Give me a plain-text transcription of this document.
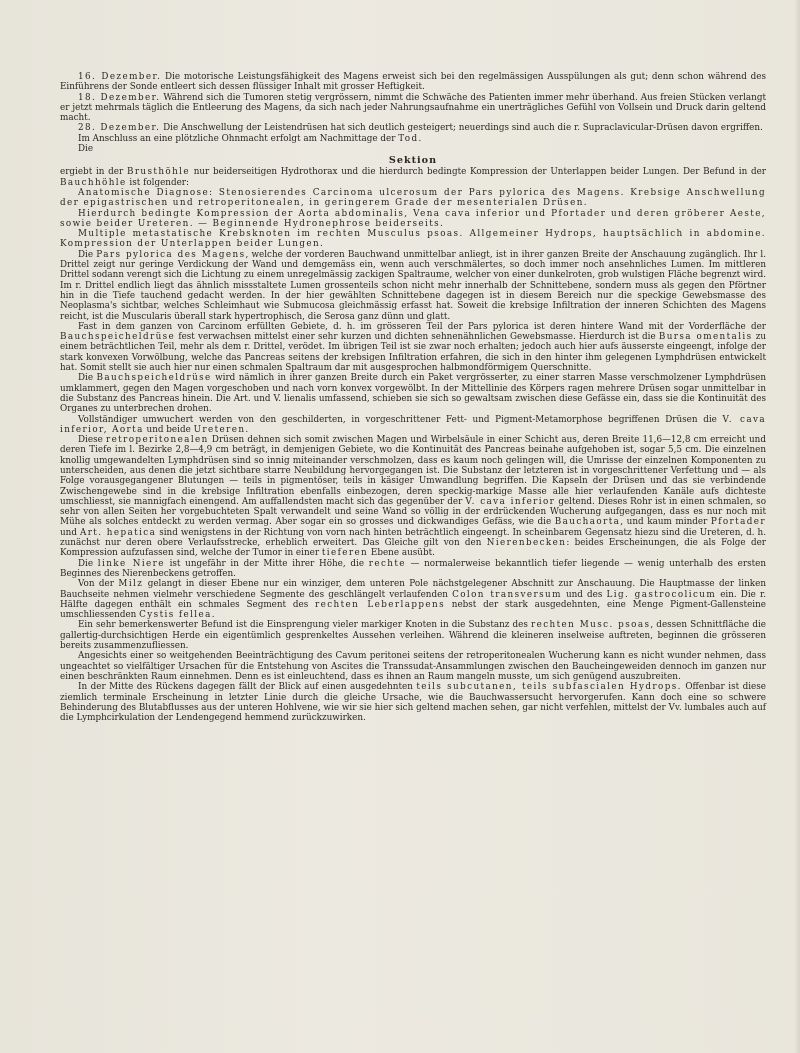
16. Dezember. Die motorische Leistungsfähigkeit des Magens erweist sich bei den regelmässigen Ausspülungen als gut; denn schon während des Einführens der Sonde entleert sich dessen flüssiger Inhalt mit grosser Heftigkeit.

18. Dezember. Während sich die Tumoren stetig vergrössern, nimmt die Schwäche des Patienten immer mehr überhand. Aus freien Stücken verlangt er jetzt mehrmals täglich die Entleerung des Magens, da sich nach jeder Nahrungsaufnahme ein unerträgliches Gefühl von Vollsein und Druck darin geltend macht.

28. Dezember. Die Anschwellung der Leistendrüsen hat sich deutlich gesteigert; neuerdings sind auch die r. Supraclavicular-Drüsen davon ergriffen.

Im Anschluss an eine plötzliche Ohnmacht erfolgt am Nachmittage der Tod.

Die

Sektion

ergiebt in der Brusthöhle nur beiderseitigen Hydrothorax und die hierdurch bedingte Kompression der Unterlappen beider Lungen. Der Befund in der Bauchhöhle ist folgender:

Anatomische Diagnose: Stenosierendes Carcinoma ulcerosum der Pars pylorica des Magens. Krebsige Anschwellung der epigastrischen und retroperitonealen, in geringerem Grade der mesenterialen Drüsen.

Hierdurch bedingte Kompression der Aorta abdominalis, Vena cava inferior und Pfortader und deren gröberer Aeste, sowie beider Ureteren. — Beginnende Hydronephrose beiderseits.

Multiple metastatische Krebsknoten im rechten Musculus psoas. Allgemeiner Hydrops, hauptsächlich in abdomine. Kompression der Unterlappen beider Lungen.

Die Pars pylorica des Magens, welche der vorderen Bauchwand unmittelbar anliegt, ist in ihrer ganzen Breite der Anschauung zugänglich. Ihr l. Drittel zeigt nur geringe Verdickung der Wand und demgemäss ein, wenn auch verschmälertes, so doch immer noch ansehnliches Lumen. Im mittleren Drittel sodann verengt sich die Lichtung zu einem unregelmässig zackigen Spaltraume, welcher von einer dunkelroten, grob wulstigen Fläche begrenzt wird. Im r. Drittel endlich liegt das ähnlich missstaltete Lumen grossenteils schon nicht mehr innerhalb der Schnittebene, sondern muss als gegen den Pförtner hin in die Tiefe tauchend gedacht werden. In der hier gewählten Schnittebene dagegen ist in diesem Bereich nur die speckige Gewebsmasse des Neoplasma's sichtbar, welches Schleimhaut wie Submucosa gleichmässig erfasst hat. Soweit die krebsige Infiltration der inneren Schichten des Magens reicht, ist die Muscularis überall stark hypertrophisch, die Serosa ganz dünn und glatt.

Fast in dem ganzen von Carcinom erfüllten Gebiete, d. h. im grösseren Teil der Pars pylorica ist deren hintere Wand mit der Vorderfläche der Bauchspeicheldrüse fest verwachsen mittelst einer sehr kurzen und dichten sehnenähnlichen Gewebsmasse. Hierdurch ist die Bursa omentalis zu einem beträchtlichen Teil, mehr als dem r. Drittel, verödet. Im übrigen Teil ist sie zwar noch erhalten; jedoch auch hier aufs äusserste eingeengt, infolge der stark konvexen Vorwölbung, welche das Pancreas seitens der krebsigen Infiltration erfahren, die sich in den hinter ihm gelegenen Lymphdrüsen entwickelt hat. Somit stellt sie auch hier nur einen schmalen Spaltraum dar mit ausgesprochen halbmondförmigem Querschnitte.

Die Bauchspeicheldrüse wird nämlich in ihrer ganzen Breite durch ein Paket vergrösserter, zu einer starren Masse verschmolzener Lymphdrüsen umklammert, gegen den Magen vorgeschoben und nach vorn konvex vorgewölbt. In der Mittellinie des Körpers ragen mehrere Drüsen sogar unmittelbar in die Substanz des Pancreas hinein. Die Art. und V. lienalis umfassend, schieben sie sich so gewaltsam zwischen diese Gefässe ein, dass sie die Kontinuität des Organes zu unterbrechen drohen.

Vollständiger umwuchert werden von den geschilderten, in vorgeschrittener Fett- und Pigment-Metamorphose begriffenen Drüsen die V. cava inferior, Aorta und beide Ureteren.

Diese retroperitonealen Drüsen dehnen sich somit zwischen Magen und Wirbelsäule in einer Schicht aus, deren Breite 11,6—12,8 cm erreicht und deren Tiefe im l. Bezirke 2,8—4,9 cm beträgt, in demjenigen Gebiete, wo die Kontinuität des Pancreas beinahe aufgehoben ist, sogar 5,5 cm. Die einzelnen knollig umgewandelten Lymphdrüsen sind so innig miteinander verschmolzen, dass es kaum noch gelingen will, die Umrisse der einzelnen Komponenten zu unterscheiden, aus denen die jetzt sichtbare starre Neubildung hervorgegangen ist. Die Substanz der letzteren ist in vorgeschrittener Verfettung und — als Folge vorausgegangener Blutungen — teils in pigmentöser, teils in käsiger Umwandlung begriffen. Die Kapseln der Drüsen und das sie verbindende Zwischengewebe sind in die krebsige Infiltration ebenfalls einbezogen, deren speckig-markige Masse alle hier verlaufenden Kanäle aufs dichteste umschliesst, sie mannigfach einengend. Am auffallendsten macht sich das gegenüber der V. cava inferior geltend. Dieses Rohr ist in einen schmalen, so sehr von allen Seiten her vorgebuchteten Spalt verwandelt und seine Wand so völlig in der erdrückenden Wucherung aufgegangen, dass es nur noch mit Mühe als solches entdeckt zu werden vermag. Aber sogar ein so grosses und dickwandiges Gefäss, wie die Bauchaorta, und kaum minder Pfortader und Art. hepatica sind wenigstens in der Richtung von vorn nach hinten beträchtlich eingeengt. In scheinbarem Gegensatz hiezu sind die Ureteren, d. h. zunächst nur deren obere Verlaufsstrecke, erheblich erweitert. Das Gleiche gilt von den Nierenbecken: beides Erscheinungen, die als Folge der Kompression aufzufassen sind, welche der Tumor in einer tieferen Ebene ausübt.

Die linke Niere ist ungefähr in der Mitte ihrer Höhe, die rechte — normalerweise bekanntlich tiefer liegende — wenig unterhalb des ersten Beginnes des Nierenbeckens getroffen.

Von der Milz gelangt in dieser Ebene nur ein winziger, dem unteren Pole nächstgelegener Abschnitt zur Anschauung. Die Hauptmasse der linken Bauchseite nehmen vielmehr verschiedene Segmente des geschlängelt verlaufenden Colon transversum und des Lig. gastrocolicum ein. Die r. Hälfte dagegen enthält ein schmales Segment des rechten Leberlappens nebst der stark ausgedehnten, eine Menge Pigment-Gallensteine umschliessenden Cystis fellea.

Ein sehr bemerkenswerter Befund ist die Einsprengung vieler markiger Knoten in die Substanz des rechten Musc. psoas, dessen Schnittfläche die gallertig-durchsichtigen Herde ein eigentümlich gesprenkeltes Aussehen verleihen. Während die kleineren inselweise auftreten, beginnen die grösseren bereits zusammenzufliessen.

Angesichts einer so weitgehenden Beeinträchtigung des Cavum peritonei seitens der retroperitonealen Wucherung kann es nicht wunder nehmen, dass ungeachtet so vielfältiger Ursachen für die Entstehung von Ascites die Transsudat-Ansammlungen zwischen den Baucheingeweiden dennoch im ganzen nur einen beschränkten Raum einnehmen. Denn es ist einleuchtend, dass es ihnen an Raum mangeln musste, um sich genügend auszubreiten.

In der Mitte des Rückens dagegen fällt der Blick auf einen ausgedehnten teils subcutanen, teils subfascialen Hydrops. Offenbar ist diese ziemlich terminale Erscheinung in letzter Linie durch die gleiche Ursache, wie die Bauchwassersucht hervorgerufen. Kann doch eine so schwere Behinderung des Blutabflusses aus der unteren Hohlvene, wie wir sie hier sich geltend machen sehen, gar nicht verfehlen, mittelst der Vv. lumbales auch auf die Lymphcirkulation der Lendengegend hemmend zurückzuwirken.
